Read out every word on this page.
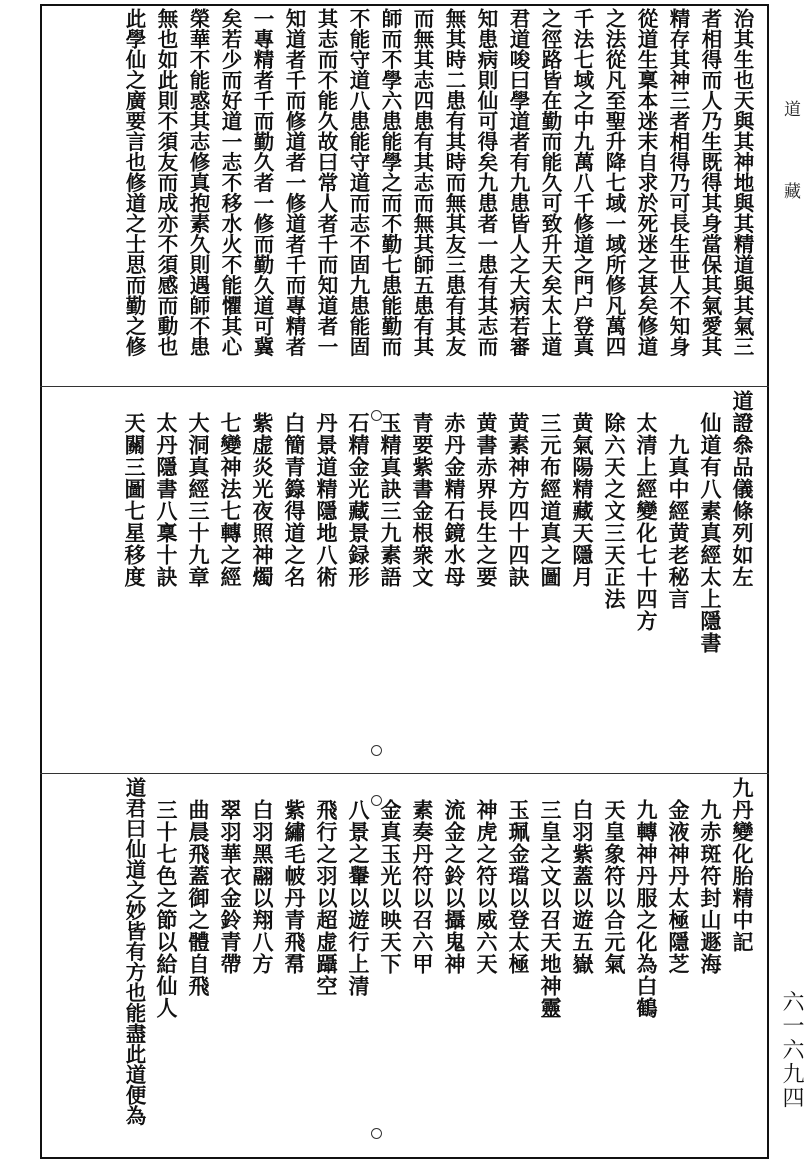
治其生也天與其神地與其精道與其氣三
者相得而人乃生既得其身當保其氣愛其
精存其神三者相得乃可長生世人不知身
從道生稟本迷末自求於死迷之甚矣修道
之法從凡至聖升降七域一域所修凡萬四
千法七域之中九萬八千修道之門户登真
之徑路皆在勤而能久可致升天矣太上道
君道唆曰學道者有九患皆人之大病若審
知患病則仙可得矣九患者一患有其志而
無其時二患有其時而無其友三患有其友
而無其志四患有其志而無其師五患有其
師而不學六患能學之而不勤七患能勤而
不能守道八患能守道而志不固九患能固
其志而不能久故曰常人者千而知道者一
知道者千而修道者一修道者千而專精者
一專精者千而勤久者一修而勤久道可冀
矣若少而好道一志不移水火不能懼其心
榮華不能惑其志修真抱素久則遇師不患
無也如此則不須友而成亦不須感而動也
此學仙之廣要言也修道之士思而勤之修
道證叅品儀條列如左
　仙道有八素真經太上隱書
　　九真中經黄老秘言
　太清上經變化七十四方
　除六天之文三天正法
　黄氣陽精藏天隱月
　三元布經道真之圖
　黄素神方四十四訣
　黄書赤界長生之要
　赤丹金精石鏡水母
　青要紫書金根衆文
　玉精真訣三九素語
　石精金光藏景録形
　丹景道精隱地八術
　白簡青籙得道之名
　紫虚炎光夜照神燭
　七變神法七轉之經
　大洞真經三十九章
　太丹隱書八稟十訣
　天關三圖七星移度
九丹變化胎精中記
　九赤斑符封山遯海
　金液神丹太極隱芝
　九轉神丹服之化為白鶴
　天皇象符以合元氣
　白羽紫蓋以遊五嶽
　三皇之文以召天地神靈
　玉珮金璫以登太極
　神虎之符以威六天
　流金之鈴以攝鬼神
　素奏丹符以召六甲
　金真玉光以映天下
　八景之轝以遊行上清
　飛行之羽以超虚躡空
　紫繡毛帔丹青飛帬
　白羽黑翮以翔八方
　翠羽華衣金鈴青帶
　曲晨飛蓋御之體自飛
　三十七色之節以給仙人
道君曰仙道之妙皆有方也能盡此道便為
道
藏
六一六九四
